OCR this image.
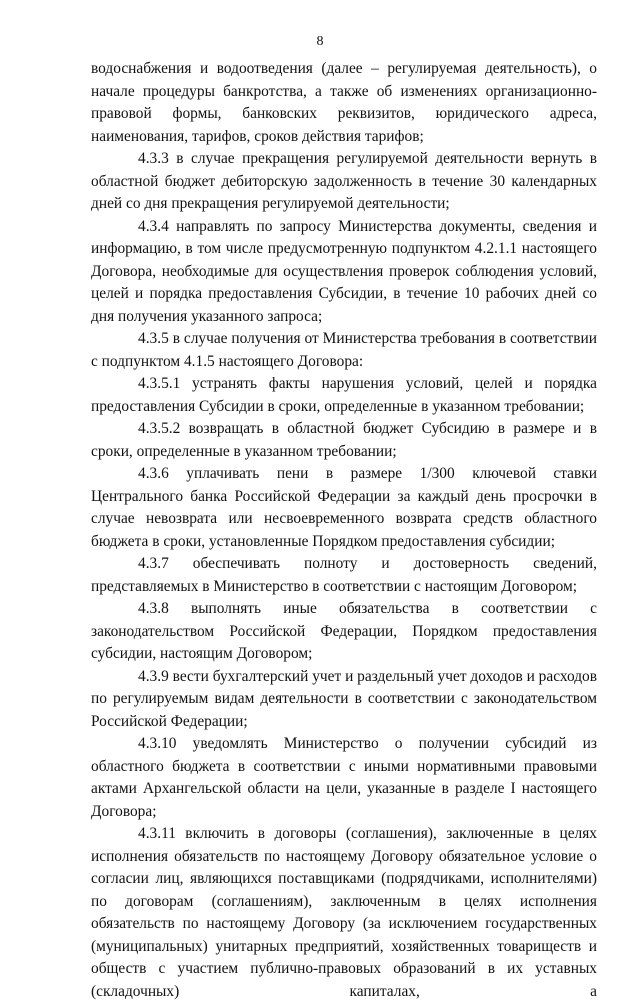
8

водоснабжения и водоотведения (далее – регулируемая деятельность), о начале процедуры банкротства, а также об изменениях организационно-правовой формы, банковских реквизитов, юридического адреса, наименования, тарифов, сроков действия тарифов;

4.3.3 в случае прекращения регулируемой деятельности вернуть в областной бюджет дебиторскую задолженность в течение 30 календарных дней со дня прекращения регулируемой деятельности;

4.3.4 направлять по запросу Министерства документы, сведения и информацию, в том числе предусмотренную подпунктом 4.2.1.1 настоящего Договора, необходимые для осуществления проверок соблюдения условий, целей и порядка предоставления Субсидии, в течение 10 рабочих дней со дня получения указанного запроса;

4.3.5 в случае получения от Министерства требования в соответствии с подпунктом 4.1.5 настоящего Договора:

4.3.5.1 устранять факты нарушения условий, целей и порядка предоставления Субсидии в сроки, определенные в указанном требовании;

4.3.5.2 возвращать в областной бюджет Субсидию в размере и в сроки, определенные в указанном требовании;

4.3.6 уплачивать пени в размере 1/300 ключевой ставки Центрального банка Российской Федерации за каждый день просрочки в случае невозврата или несвоевременного возврата средств областного бюджета в сроки, установленные Порядком предоставления субсидии;

4.3.7 обеспечивать полноту и достоверность сведений, представляемых в Министерство в соответствии с настоящим Договором;

4.3.8 выполнять иные обязательства в соответствии с законодательством Российской Федерации, Порядком предоставления субсидии, настоящим Договором;

4.3.9 вести бухгалтерский учет и раздельный учет доходов и расходов по регулируемым видам деятельности в соответствии с законодательством Российской Федерации;

4.3.10 уведомлять Министерство о получении субсидий из областного бюджета в соответствии с иными нормативными правовыми актами Архангельской области на цели, указанные в разделе I настоящего Договора;

4.3.11 включить в договоры (соглашения), заключенные в целях исполнения обязательств по настоящему Договору обязательное условие о согласии лиц, являющихся поставщиками (подрядчиками, исполнителями) по договорам (соглашениям), заключенным в целях исполнения обязательств по настоящему Договору (за исключением государственных (муниципальных) унитарных предприятий, хозяйственных товариществ и обществ с участием публично-правовых образований в их уставных (складочных) капиталах, а
